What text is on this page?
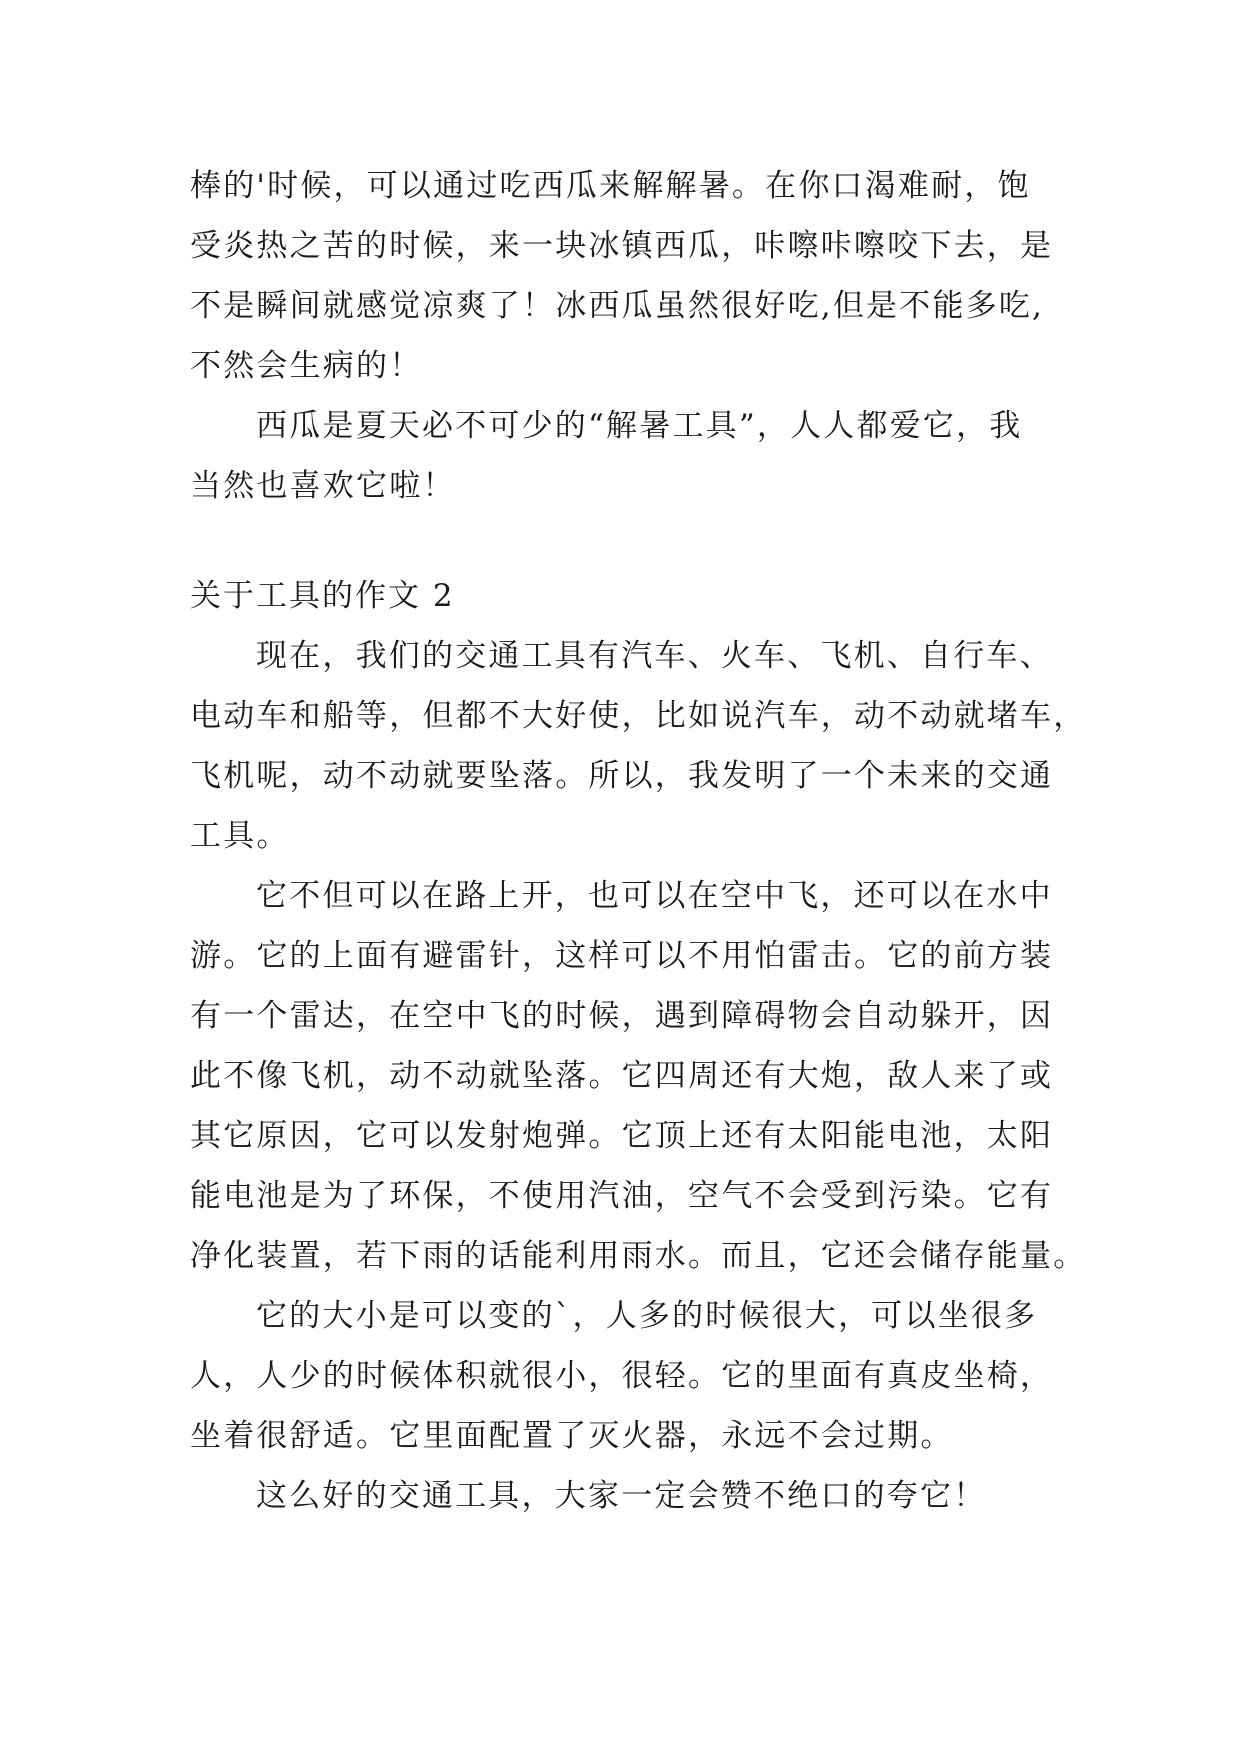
棒的'时候，可以通过吃西瓜来解解暑。在你口渴难耐，饱
受炎热之苦的时候，来一块冰镇西瓜，咔嚓咔嚓咬下去，是
不是瞬间就感觉凉爽了！冰西瓜虽然很好吃,但是不能多吃,
不然会生病的！
西瓜是夏天必不可少的“解暑工具”，人人都爱它，我
当然也喜欢它啦！
关于工具的作文 2
现在，我们的交通工具有汽车、火车、飞机、自行车、
电动车和船等，但都不大好使，比如说汽车，动不动就堵车，
飞机呢，动不动就要坠落。所以，我发明了一个未来的交通
工具。
它不但可以在路上开，也可以在空中飞，还可以在水中
游。它的上面有避雷针，这样可以不用怕雷击。它的前方装
有一个雷达，在空中飞的时候，遇到障碍物会自动躲开，因
此不像飞机，动不动就坠落。它四周还有大炮，敌人来了或
其它原因，它可以发射炮弹。它顶上还有太阳能电池，太阳
能电池是为了环保，不使用汽油，空气不会受到污染。它有
净化装置，若下雨的话能利用雨水。而且，它还会储存能量。
它的大小是可以变的`，人多的时候很大，可以坐很多
人，人少的时候体积就很小，很轻。它的里面有真皮坐椅，
坐着很舒适。它里面配置了灭火器，永远不会过期。
这么好的交通工具，大家一定会赞不绝口的夸它！
